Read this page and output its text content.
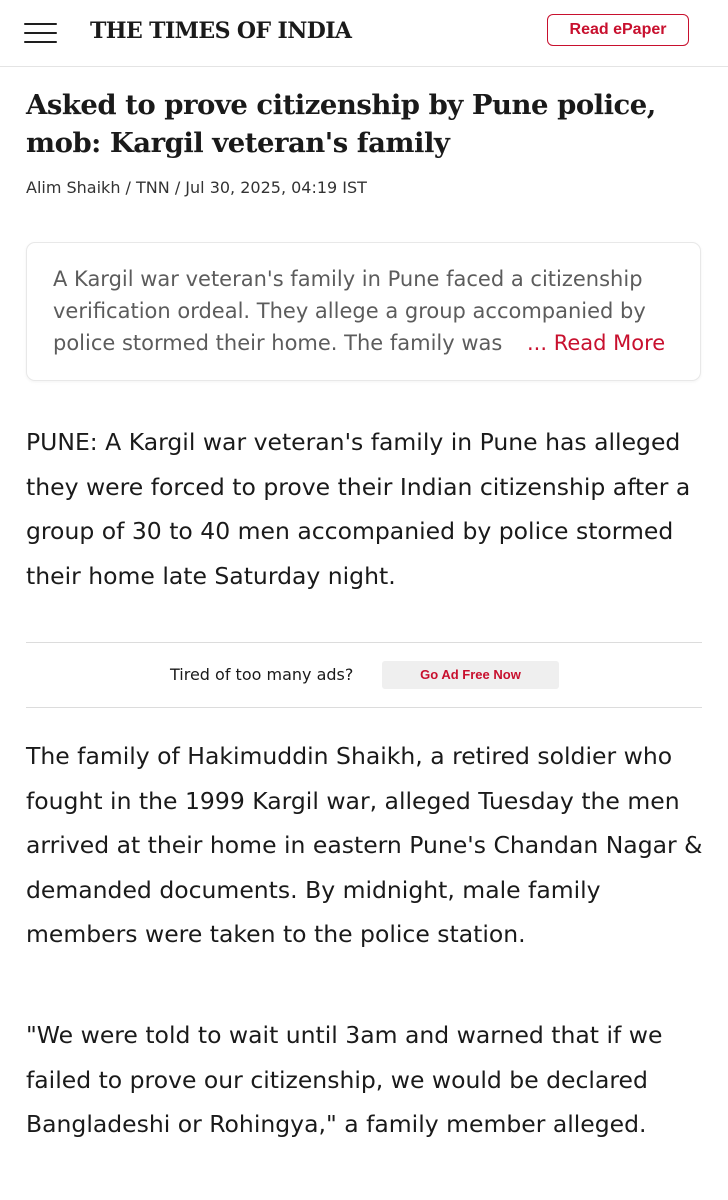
THE TIMES OF INDIA	Read ePaper
Asked to prove citizenship by Pune police, mob: Kargil veteran's family
Alim Shaikh / TNN / Jul 30, 2025, 04:19 IST

A Kargil war veteran's family in Pune faced a citizenship verification ordeal. They allege a group accompanied by police stormed their home. The family was	... Read More

PUNE: A Kargil war veteran's family in Pune has alleged they were forced to prove their Indian citizenship after a group of 30 to 40 men accompanied by police stormed their home late Saturday night.

Tired of too many ads?	Go Ad Free Now

The family of Hakimuddin Shaikh, a retired soldier who fought in the 1999 Kargil war, alleged Tuesday the men arrived at their home in eastern Pune's Chandan Nagar & demanded documents. By midnight, male family members were taken to the police station.

"We were told to wait until 3am and warned that if we failed to prove our citizenship, we would be declared Bangladeshi or Rohingya," a family member alleged.
